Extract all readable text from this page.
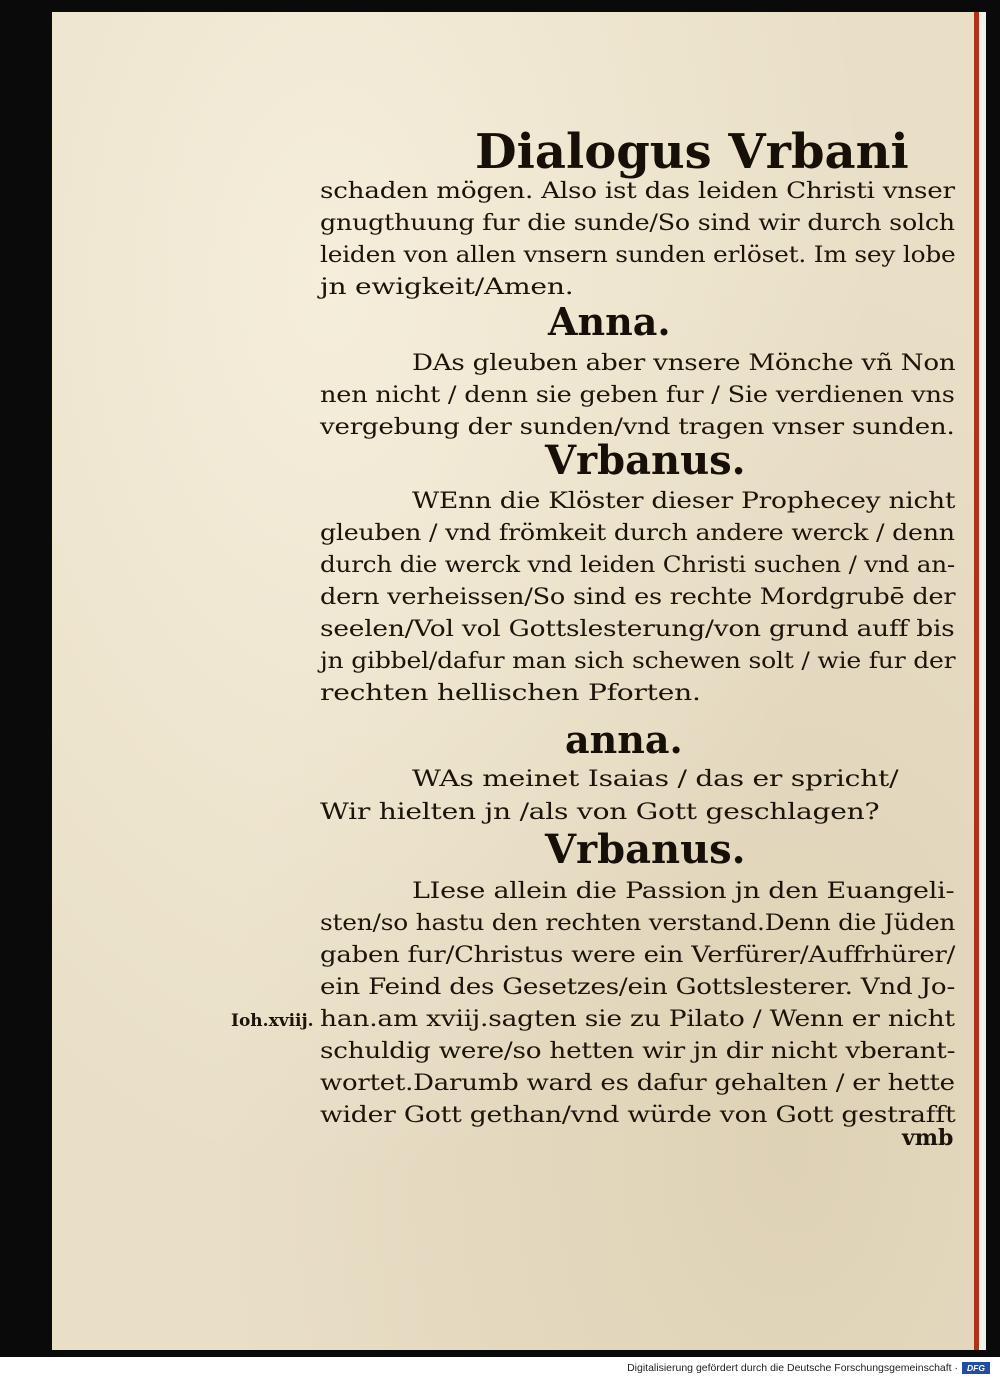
Dialogus Vrbani

schaden mögen. Also ist das leiden Christi vnser

gnugthuung fur die sunde/So sind wir durch solch

leiden von allen vnsern sunden erlöset. Im sey lobe

jn ewigkeit/Amen.

Anna.

DAs gleuben aber vnsere Mönche vñ Non

nen nicht / denn sie geben fur / Sie verdienen vns

vergebung der sunden/vnd tragen vnser sunden.

Vrbanus.

WEnn die Klöster dieser Prophecey nicht

gleuben / vnd frömkeit durch andere werck / denn

durch die werck vnd leiden Christi suchen / vnd an-

dern verheissen/So sind es rechte Mordgrubē der

seelen/Vol vol Gottslesterung/von grund auff bis

jn gibbel/dafur man sich schewen solt / wie fur der

rechten hellischen Pforten.

anna.

WAs meinet Isaias / das er spricht/

Wir hielten jn /als von Gott geschlagen?

Vrbanus.

LIese allein die Passion jn den Euangeli-

sten/so hastu den rechten verstand.Denn die Jüden

gaben fur/Christus were ein Verfürer/Auffrhürer/

ein Feind des Gesetzes/ein Gottslesterer. Vnd Jo-

han.am xviij.sagten sie zu Pilato / Wenn er nicht

schuldig were/so hetten wir jn dir nicht vberant-

wortet.Darumb ward es dafur gehalten / er hette

wider Gott gethan/vnd würde von Gott gestrafft

Ioh.xviij.
vmb
Digitalisierung gefördert durch die Deutsche Forschungsgemeinschaft ·	DFG
